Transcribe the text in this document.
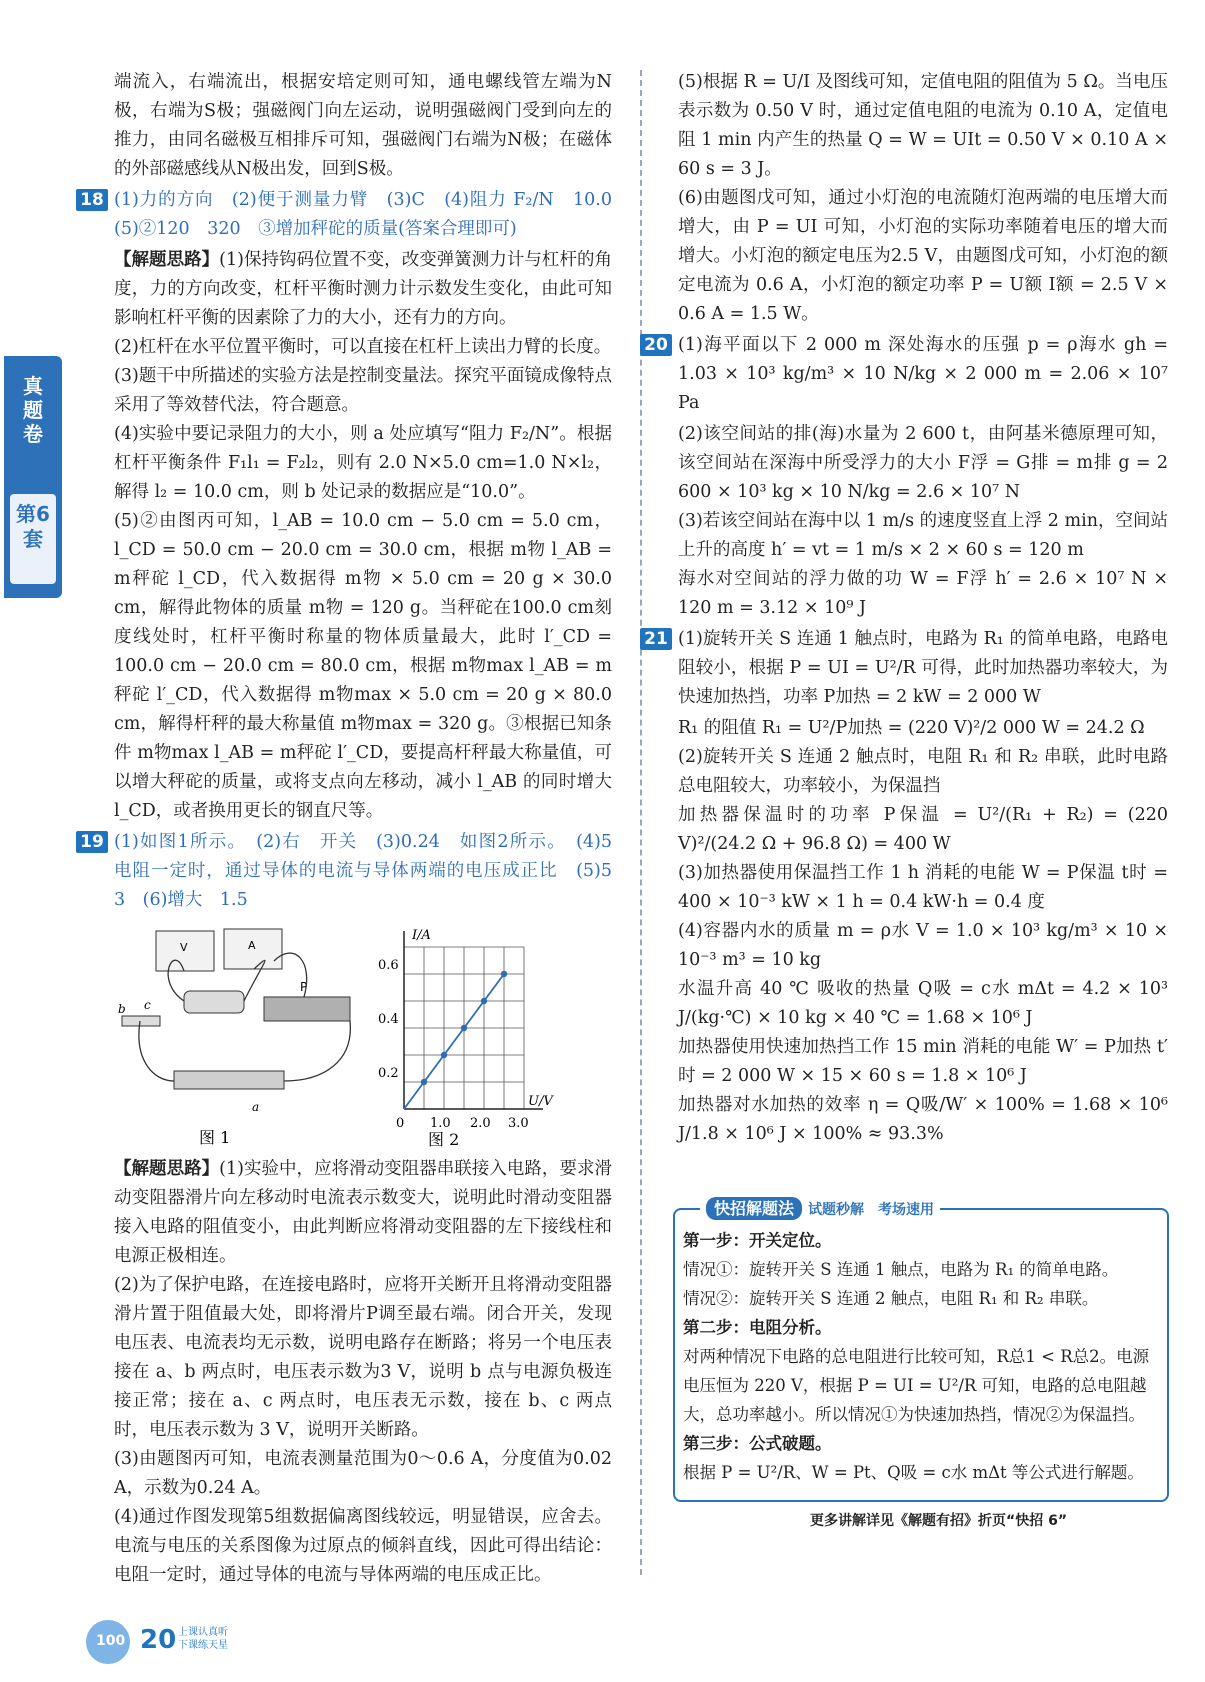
真题卷
第6套

端流入，右端流出，根据安培定则可知，通电螺线管左端为N极，右端为S极；强磁阀门向左运动，说明强磁阀门受到向左的推力，由同名磁极互相排斥可知，强磁阀门右端为N极；在磁体的外部磁感线从N极出发，回到S极。

18 (1)力的方向　(2)便于测量力臂　(3)C　(4)阻力 F₂/N　10.0　(5)②120　320　③增加秤砣的质量(答案合理即可)

【解题思路】(1)保持钩码位置不变，改变弹簧测力计与杠杆的角度，力的方向改变，杠杆平衡时测力计示数发生变化，由此可知影响杠杆平衡的因素除了力的大小，还有力的方向。

(2)杠杆在水平位置平衡时，可以直接在杠杆上读出力臂的长度。

(3)题干中所描述的实验方法是控制变量法。探究平面镜成像特点采用了等效替代法，符合题意。

(4)实验中要记录阻力的大小，则 a 处应填写“阻力 F₂/N”。根据杠杆平衡条件 F₁l₁ = F₂l₂，则有 2.0 N×5.0 cm=1.0 N×l₂，解得 l₂ = 10.0 cm，则 b 处记录的数据应是“10.0”。

(5)②由图丙可知，l_AB = 10.0 cm − 5.0 cm = 5.0 cm，l_CD = 50.0 cm − 20.0 cm = 30.0 cm，根据 m物 l_AB = m秤砣 l_CD，代入数据得 m物 × 5.0 cm = 20 g × 30.0 cm，解得此物体的质量 m物 = 120 g。当秤砣在100.0 cm刻度线处时，杠杆平衡时称量的物体质量最大，此时 l′_CD = 100.0 cm − 20.0 cm = 80.0 cm，根据 m物max l_AB = m秤砣 l′_CD，代入数据得 m物max × 5.0 cm = 20 g × 80.0 cm，解得杆秤的最大称量值 m物max = 320 g。③根据已知条件 m物max l_AB = m秤砣 l′_CD，要提高杆秤最大称量值，可以增大秤砣的质量，或将支点向左移动，减小 l_AB 的同时增大 l_CD，或者换用更长的钢直尺等。

19 (1)如图1所示。　(2)右　开关　(3)0.24　如图2所示。　(4)5　电阻一定时，通过导体的电流与导体两端的电压成正比　(5)5　3　(6)增大　1.5

V	A
P
b c
a
图 1
U/V
I/A
0 1.0 2.0 3.0
0.2
0.4
0.6
图 2

【解题思路】(1)实验中，应将滑动变阻器串联接入电路，要求滑动变阻器滑片向左移动时电流表示数变大，说明此时滑动变阻器接入电路的阻值变小，由此判断应将滑动变阻器的左下接线柱和电源正极相连。

(2)为了保护电路，在连接电路时，应将开关断开且将滑动变阻器滑片置于阻值最大处，即将滑片P调至最右端。闭合开关，发现电压表、电流表均无示数，说明电路存在断路；将另一个电压表接在 a、b 两点时，电压表示数为3 V，说明 b 点与电源负极连接正常；接在 a、c 两点时，电压表无示数，接在 b、c 两点时，电压表示数为 3 V，说明开关断路。

(3)由题图丙可知，电流表测量范围为0～0.6 A，分度值为0.02 A，示数为0.24 A。

(4)通过作图发现第5组数据偏离图线较远，明显错误，应舍去。电流与电压的关系图像为过原点的倾斜直线，因此可得出结论：电阻一定时，通过导体的电流与导体两端的电压成正比。

(5)根据 R = U/I 及图线可知，定值电阻的阻值为 5 Ω。当电压表示数为 0.50 V 时，通过定值电阻的电流为 0.10 A，定值电阻 1 min 内产生的热量 Q = W = UIt = 0.50 V × 0.10 A × 60 s = 3 J。

(6)由题图戊可知，通过小灯泡的电流随灯泡两端的电压增大而增大，由 P = UI 可知，小灯泡的实际功率随着电压的增大而增大。小灯泡的额定电压为2.5 V，由题图戊可知，小灯泡的额定电流为 0.6 A，小灯泡的额定功率 P = U额 I额 = 2.5 V × 0.6 A = 1.5 W。

20 (1)海平面以下 2 000 m 深处海水的压强 p = ρ海水 gh = 1.03 × 10³ kg/m³ × 10 N/kg × 2 000 m = 2.06 × 10⁷ Pa

(2)该空间站的排(海)水量为 2 600 t，由阿基米德原理可知，该空间站在深海中所受浮力的大小 F浮 = G排 = m排 g = 2 600 × 10³ kg × 10 N/kg = 2.6 × 10⁷ N

(3)若该空间站在海中以 1 m/s 的速度竖直上浮 2 min，空间站上升的高度 h′ = vt = 1 m/s × 2 × 60 s = 120 m

海水对空间站的浮力做的功 W = F浮 h′ = 2.6 × 10⁷ N × 120 m = 3.12 × 10⁹ J

21 (1)旋转开关 S 连通 1 触点时，电路为 R₁ 的简单电路，电路电阻较小，根据 P = UI = U²/R 可得，此时加热器功率较大，为快速加热挡，功率 P加热 = 2 kW = 2 000 W

R₁ 的阻值 R₁ = U²/P加热 = (220 V)²/2 000 W = 24.2 Ω

(2)旋转开关 S 连通 2 触点时，电阻 R₁ 和 R₂ 串联，此时电路总电阻较大，功率较小，为保温挡

加热器保温时的功率 P保温 = U²/(R₁ + R₂) = (220 V)²/(24.2 Ω + 96.8 Ω) = 400 W

(3)加热器使用保温挡工作 1 h 消耗的电能 W = P保温 t时 = 400 × 10⁻³ kW × 1 h = 0.4 kW·h = 0.4 度

(4)容器内水的质量 m = ρ水 V = 1.0 × 10³ kg/m³ × 10 × 10⁻³ m³ = 10 kg

水温升高 40 ℃ 吸收的热量 Q吸 = c水 mΔt = 4.2 × 10³ J/(kg·℃) × 10 kg × 40 ℃ = 1.68 × 10⁶ J

加热器使用快速加热挡工作 15 min 消耗的电能 W′ = P加热 t′时 = 2 000 W × 15 × 60 s = 1.8 × 10⁶ J

加热器对水加热的效率 η = Q吸/W′ × 100% = 1.68 × 10⁶ J/1.8 × 10⁶ J × 100% ≈ 93.3%

快招解题法 试题秒解　考场速用
第一步：开关定位。
情况①：旋转开关 S 连通 1 触点，电路为 R₁ 的简单电路。
情况②：旋转开关 S 连通 2 触点，电阻 R₁ 和 R₂ 串联。
第二步：电阻分析。
对两种情况下电路的总电阻进行比较可知，R总1 < R总2。电源电压恒为 220 V，根据 P = UI = U²/R 可知，电路的总电阻越大，总功率越小。所以情况①为快速加热挡，情况②为保温挡。
第三步：公式破题。
根据 P = U²/R、W = Pt、Q吸 = c水 mΔt 等公式进行解题。
更多讲解详见《解题有招》折页“快招 6”
100 20 上课认真听
下课练天星
